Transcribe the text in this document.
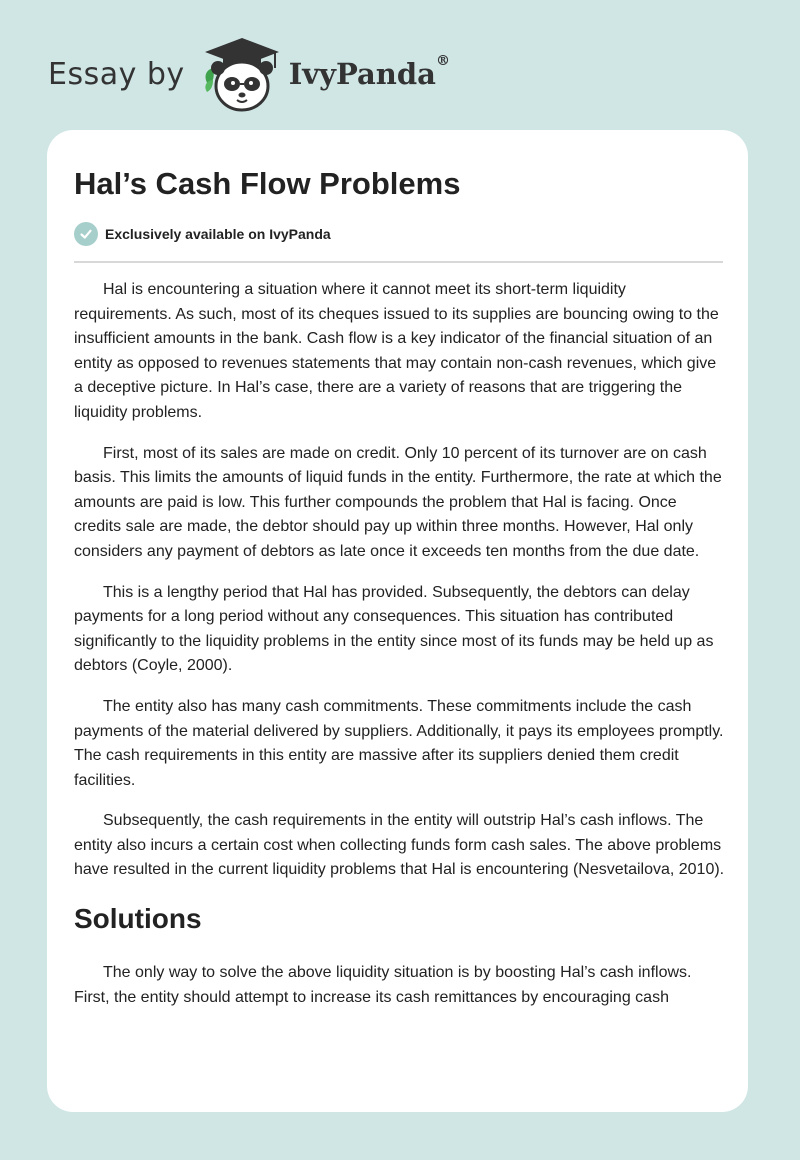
Essay by	IvyPanda®
Hal’s Cash Flow Problems
Exclusively available on IvyPanda

Hal is encountering a situation where it cannot meet its short-term liquidity requirements. As such, most of its cheques issued to its supplies are bouncing owing to the insufficient amounts in the bank. Cash flow is a key indicator of the financial situation of an entity as opposed to revenues statements that may contain non-cash revenues, which give a deceptive picture. In Hal’s case, there are a variety of reasons that are triggering the liquidity problems.

First, most of its sales are made on credit. Only 10 percent of its turnover are on cash basis. This limits the amounts of liquid funds in the entity. Furthermore, the rate at which the amounts are paid is low. This further compounds the problem that Hal is facing. Once credits sale are made, the debtor should pay up within three months. However, Hal only considers any payment of debtors as late once it exceeds ten months from the due date.

This is a lengthy period that Hal has provided. Subsequently, the debtors can delay payments for a long period without any consequences. This situation has contributed significantly to the liquidity problems in the entity since most of its funds may be held up as debtors (Coyle, 2000).

The entity also has many cash commitments. These commitments include the cash payments of the material delivered by suppliers. Additionally, it pays its employees promptly. The cash requirements in this entity are massive after its suppliers denied them credit facilities.

Subsequently, the cash requirements in the entity will outstrip Hal’s cash inflows. The entity also incurs a certain cost when collecting funds form cash sales. The above problems have resulted in the current liquidity problems that Hal is encountering (Nesvetailova, 2010).

Solutions

The only way to solve the above liquidity situation is by boosting Hal’s cash inflows. First, the entity should attempt to increase its cash remittances by encouraging cash
